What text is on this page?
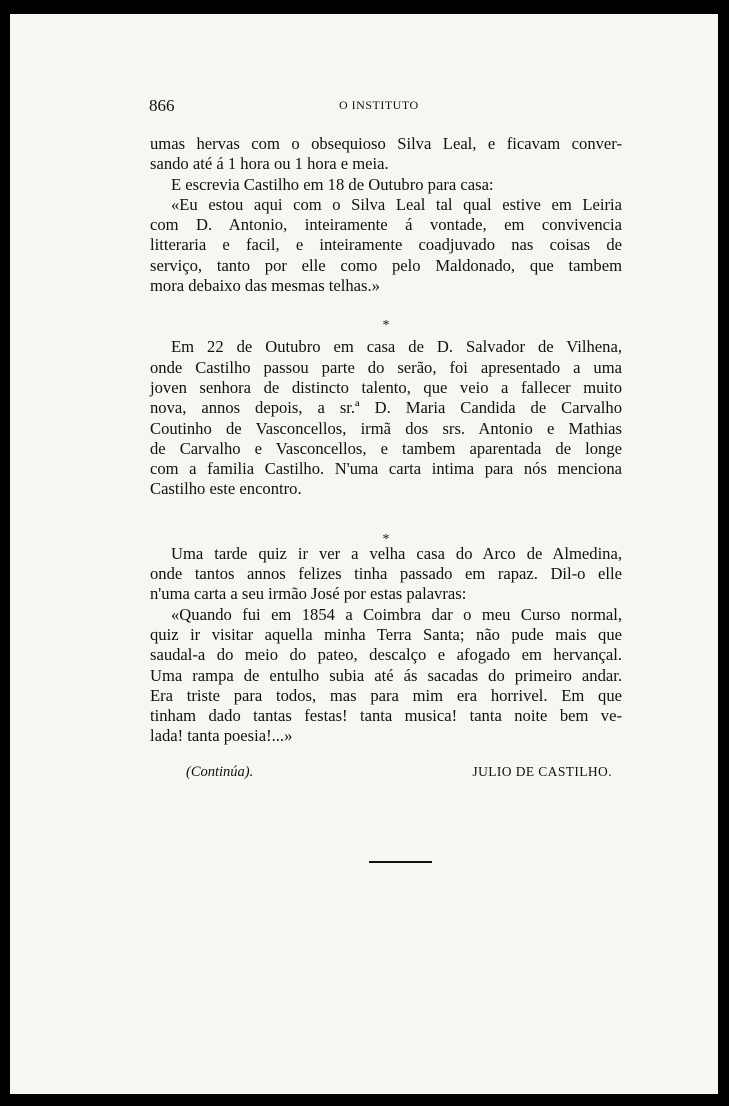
866	O INSTITUTO
umas hervas com o obsequioso Silva Leal, e ficavam conver-
sando até á 1 hora ou 1 hora e meia.
E escrevia Castilho em 18 de Outubro para casa:
«Eu estou aqui com o Silva Leal tal qual estive em Leiria
com D. Antonio, inteiramente á vontade, em convivencia
litteraria e facil, e inteiramente coadjuvado nas coisas de
serviço, tanto por elle como pelo Maldonado, que tambem
mora debaixo das mesmas telhas.»
Em 22 de Outubro em casa de D. Salvador de Vilhena,
onde Castilho passou parte do serão, foi apresentado a uma
joven senhora de distincto talento, que veio a fallecer muito
nova, annos depois, a sr.ª D. Maria Candida de Carvalho
Coutinho de Vasconcellos, irmã dos srs. Antonio e Mathias
de Carvalho e Vasconcellos, e tambem aparentada de longe
com a familia Castilho. N'uma carta intima para nós menciona
Castilho este encontro.
Uma tarde quiz ir ver a velha casa do Arco de Almedina,
onde tantos annos felizes tinha passado em rapaz. Dil-o elle
n'uma carta a seu irmão José por estas palavras:
«Quando fui em 1854 a Coimbra dar o meu Curso normal,
quiz ir visitar aquella minha Terra Santa; não pude mais que
saudal-a do meio do pateo, descalço e afogado em hervançal.
Uma rampa de entulho subia até ás sacadas do primeiro andar.
Era triste para todos, mas para mim era horrivel. Em que
tinham dado tantas festas! tanta musica! tanta noite bem ve-
lada! tanta poesia!...»
*
*
(Continúa).	JULIO DE CASTILHO.
